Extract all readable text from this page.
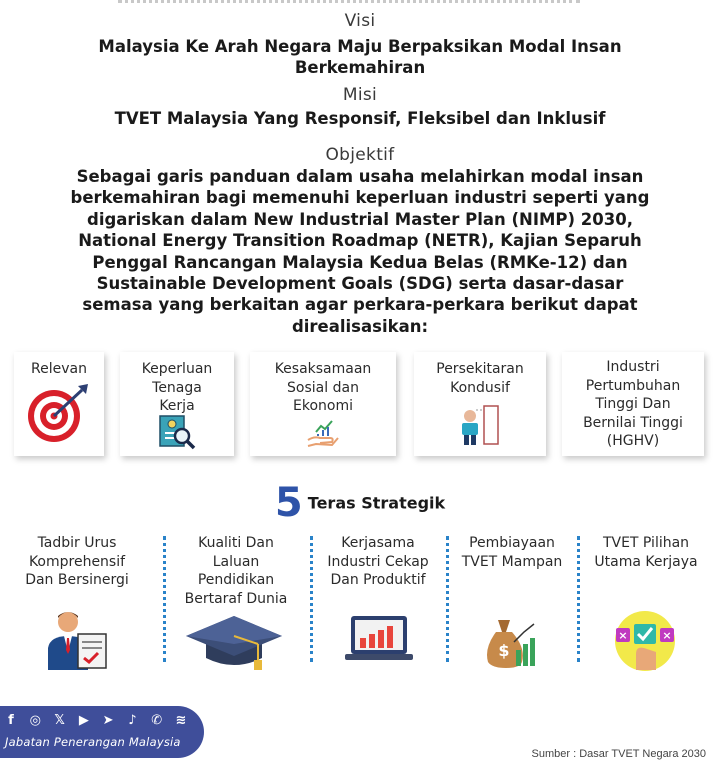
Visi
Malaysia Ke Arah Negara Maju Berpaksikan Modal Insan
Berkemahiran
Misi
TVET Malaysia Yang Responsif, Fleksibel dan Inklusif
Objektif
Sebagai garis panduan dalam usaha melahirkan modal insan
berkemahiran bagi memenuhi keperluan industri seperti yang
digariskan dalam New Industrial Master Plan (NIMP) 2030,
National Energy Transition Roadmap (NETR), Kajian Separuh
Penggal Rancangan Malaysia Kedua Belas (RMKe-12) dan
Sustainable Development Goals (SDG) serta dasar-dasar
semasa yang berkaitan agar perkara-perkara berikut dapat
direalisasikan:
Relevan	Keperluan
Tenaga
Kerja
Kesaksamaan
Sosial dan
Ekonomi
Persekitaran
Kondusif
Industri
Pertumbuhan
Tinggi Dan
Bernilai Tinggi
(HGHV)
5 Teras Strategik
Tadbir Urus
Komprehensif
Dan Bersinergi
Kualiti Dan
Laluan
Pendidikan
Bertaraf Dunia
Kerjasama
Industri Cekap
Dan Produktif
Pembiayaan
TVET Mampan
$
TVET Pilihan
Utama Kerjaya
×	×
f	◎ 𝕏 ▶ ➤ ♪ ✆ ≋
Jabatan Penerangan Malaysia
Sumber : Dasar TVET Negara 2030
